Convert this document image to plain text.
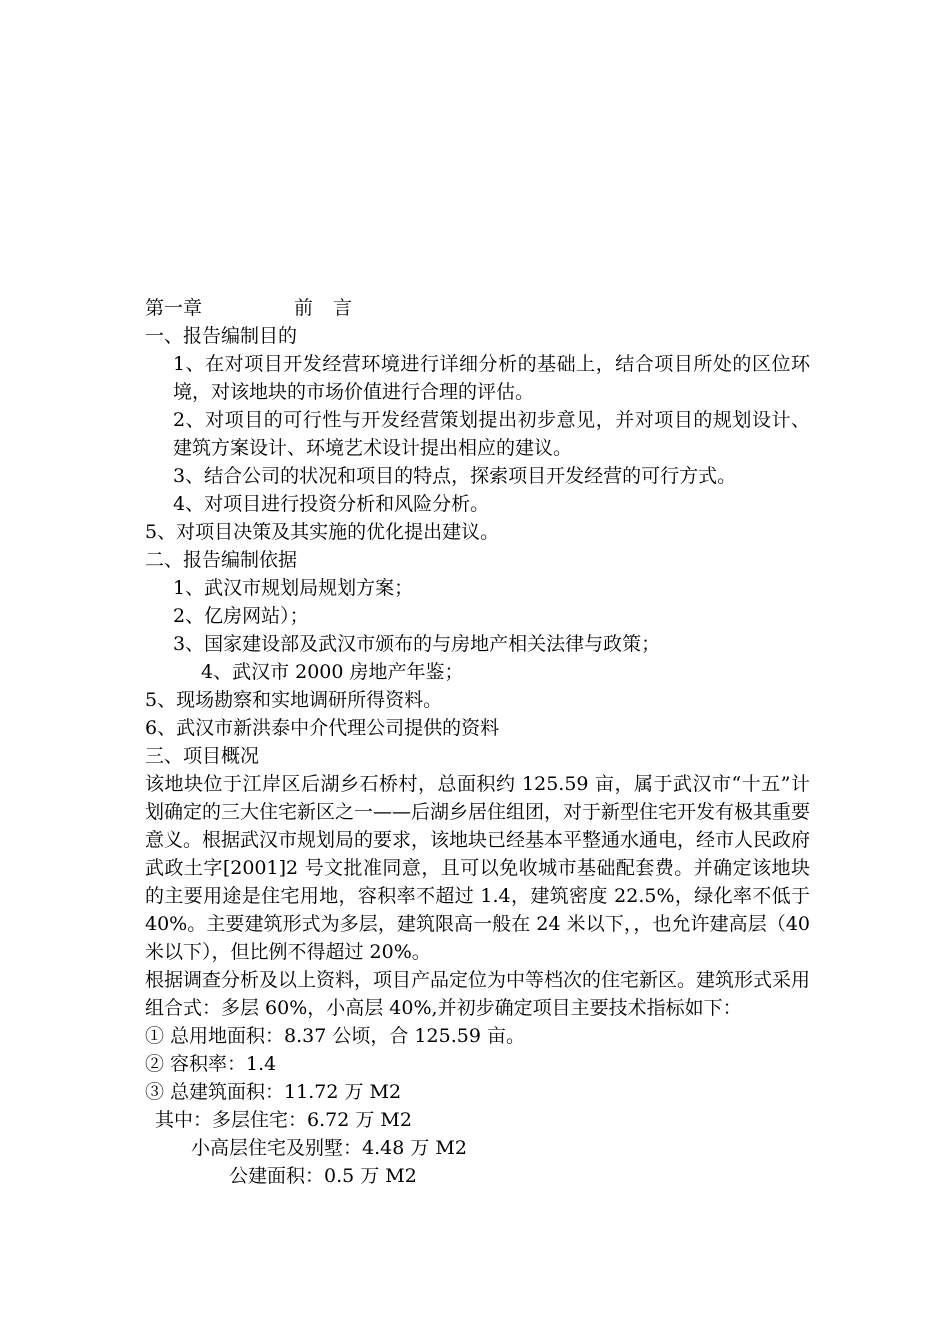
第一章	前 言
一、报告编制目的
1、在对项目开发经营环境进行详细分析的基础上，结合项目所处的区位环境，对该地块的市场价值进行合理的评估。
2、对项目的可行性与开发经营策划提出初步意见，并对项目的规划设计、建筑方案设计、环境艺术设计提出相应的建议。
3、结合公司的状况和项目的特点，探索项目开发经营的可行方式。
4、对项目进行投资分析和风险分析。
5、对项目决策及其实施的优化提出建议。
二、报告编制依据
1、武汉市规划局规划方案；
2、亿房网站）；
3、国家建设部及武汉市颁布的与房地产相关法律与政策；
4、武汉市 2000 房地产年鉴；
5、现场勘察和实地调研所得资料。
6、武汉市新洪泰中介代理公司提供的资料
三、项目概况
该地块位于江岸区后湖乡石桥村，总面积约 125.59 亩，属于武汉市“十五”计划确定的三大住宅新区之一——后湖乡居住组团，对于新型住宅开发有极其重要意义。根据武汉市规划局的要求，该地块已经基本平整通水通电，经市人民政府武政土字[2001]2 号文批准同意，且可以免收城市基础配套费。并确定该地块的主要用途是住宅用地，容积率不超过 1.4，建筑密度 22.5%，绿化率不低于 40%。主要建筑形式为多层，建筑限高一般在 24 米以下，，也允许建高层（40 米以下），但比例不得超过 20%。
根据调查分析及以上资料，项目产品定位为中等档次的住宅新区。建筑形式采用组合式：多层 60%，小高层 40%,并初步确定项目主要技术指标如下：
① 总用地面积：8.37 公顷，合 125.59 亩。
② 容积率：1.4
③ 总建筑面积：11.72 万 M2
其中：多层住宅：6.72 万 M2
小高层住宅及别墅：4.48 万 M2
公建面积：0.5 万 M2
